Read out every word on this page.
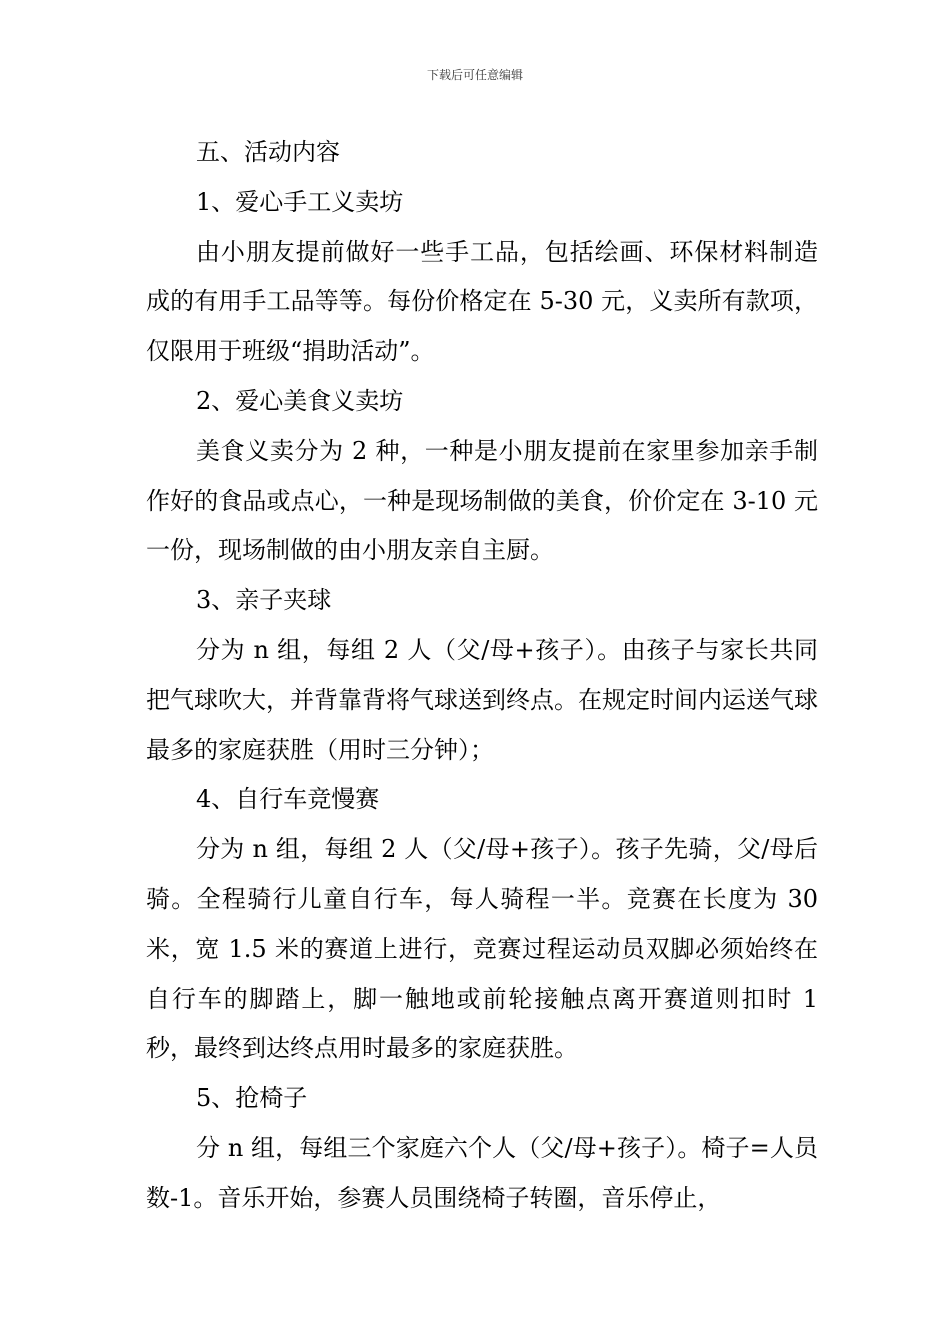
下载后可任意编辑

五、活动内容

1、爱心手工义卖坊

由小朋友提前做好一些手工品，包括绘画、环保材料制造成的有用手工品等等。每份价格定在 5-30 元，义卖所有款项，仅限用于班级“捐助活动”。

2、爱心美食义卖坊

美食义卖分为 2 种，一种是小朋友提前在家里参加亲手制作好的食品或点心，一种是现场制做的美食，价价定在 3-10 元一份，现场制做的由小朋友亲自主厨。

3、亲子夹球

分为 n 组，每组 2 人（父/母+孩子）。由孩子与家长共同把气球吹大，并背靠背将气球送到终点。在规定时间内运送气球最多的家庭获胜（用时三分钟）；

4、自行车竞慢赛

分为 n 组，每组 2 人（父/母+孩子）。孩子先骑，父/母后骑。全程骑行儿童自行车，每人骑程一半。竞赛在长度为 30 米，宽 1.5 米的赛道上进行，竞赛过程运动员双脚必须始终在自行车的脚踏上，脚一触地或前轮接触点离开赛道则扣时 1 秒，最终到达终点用时最多的家庭获胜。

5、抢椅子

分 n 组，每组三个家庭六个人（父/母+孩子）。椅子=人员数-1。音乐开始，参赛人员围绕椅子转圈，音乐停止，
